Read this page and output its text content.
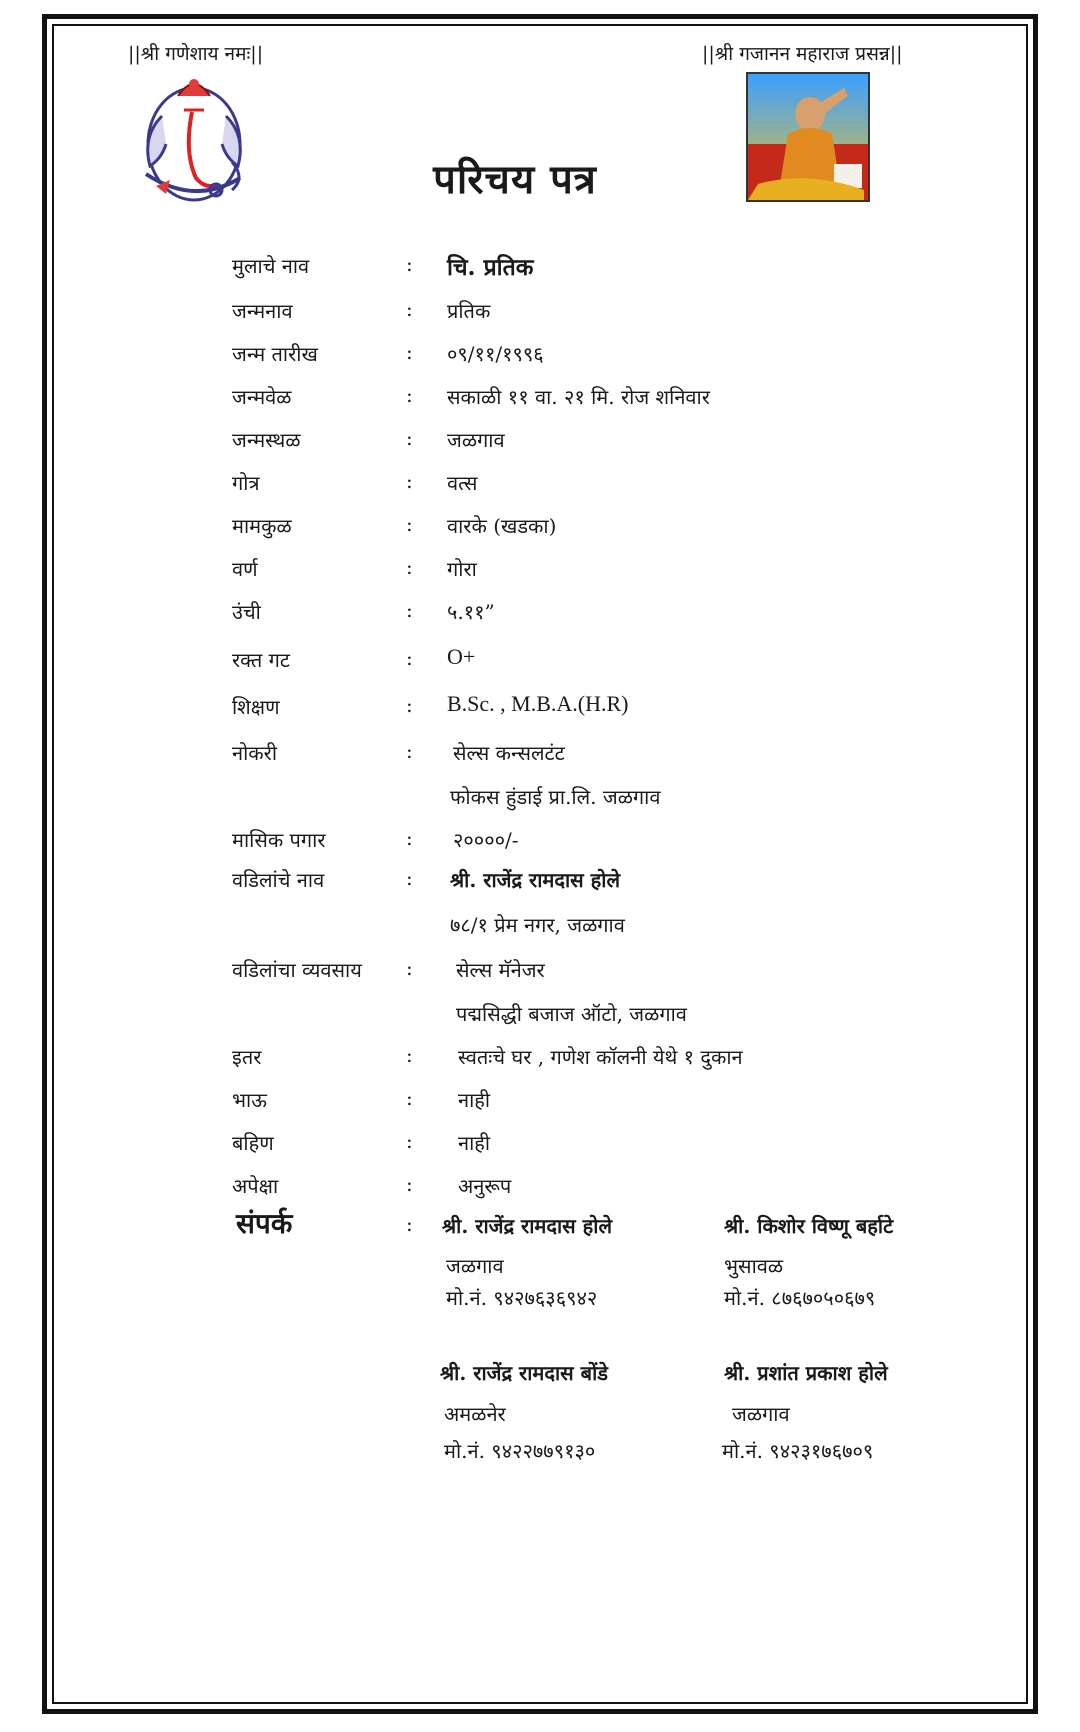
||श्री गणेशाय नमः||	||श्री गजानन महाराज प्रसन्न||
परिचय पत्र
मुलाचे नाव	: चि. प्रतिक
जन्मनाव	: प्रतिक
जन्म तारीख	: ०९/११/१९९६
जन्मवेळ	: सकाळी ११ वा. २१ मि. रोज शनिवार
जन्मस्थळ	: जळगाव
गोत्र	: वत्स
मामकुळ	: वारके (खडका)
वर्ण	: गोरा
उंची	: ५.११”
रक्त गट	: O+
शिक्षण	: B.Sc. , M.B.A.(H.R)
नोकरी	: सेल्स कन्सलटंट
फोकस हुंडाई प्रा.लि. जळगाव
मासिक पगार	: २००००/-
वडिलांचे नाव	: श्री. राजेंद्र रामदास होले
७८/१ प्रेम नगर, जळगाव
वडिलांचा व्यवसाय : सेल्स मॅनेजर
पद्मसिद्धी बजाज ऑटो, जळगाव
इतर	: स्वतःचे घर , गणेश कॉलनी येथे १ दुकान
भाऊ	: नाही
बहिण	: नाही
अपेक्षा	: अनुरूप
संपर्क	: श्री. राजेंद्र रामदास होले
जळगाव
मो.नं. ९४२७६३६९४२
श्री. किशोर विष्णू बर्हाटे
भुसावळ
मो.नं. ८७६७०५०६७९
श्री. राजेंद्र रामदास बोंडे
अमळनेर
मो.नं. ९४२२७७९१३०
श्री. प्रशांत प्रकाश होले
जळगाव
मो.नं. ९४२३१७६७०९
